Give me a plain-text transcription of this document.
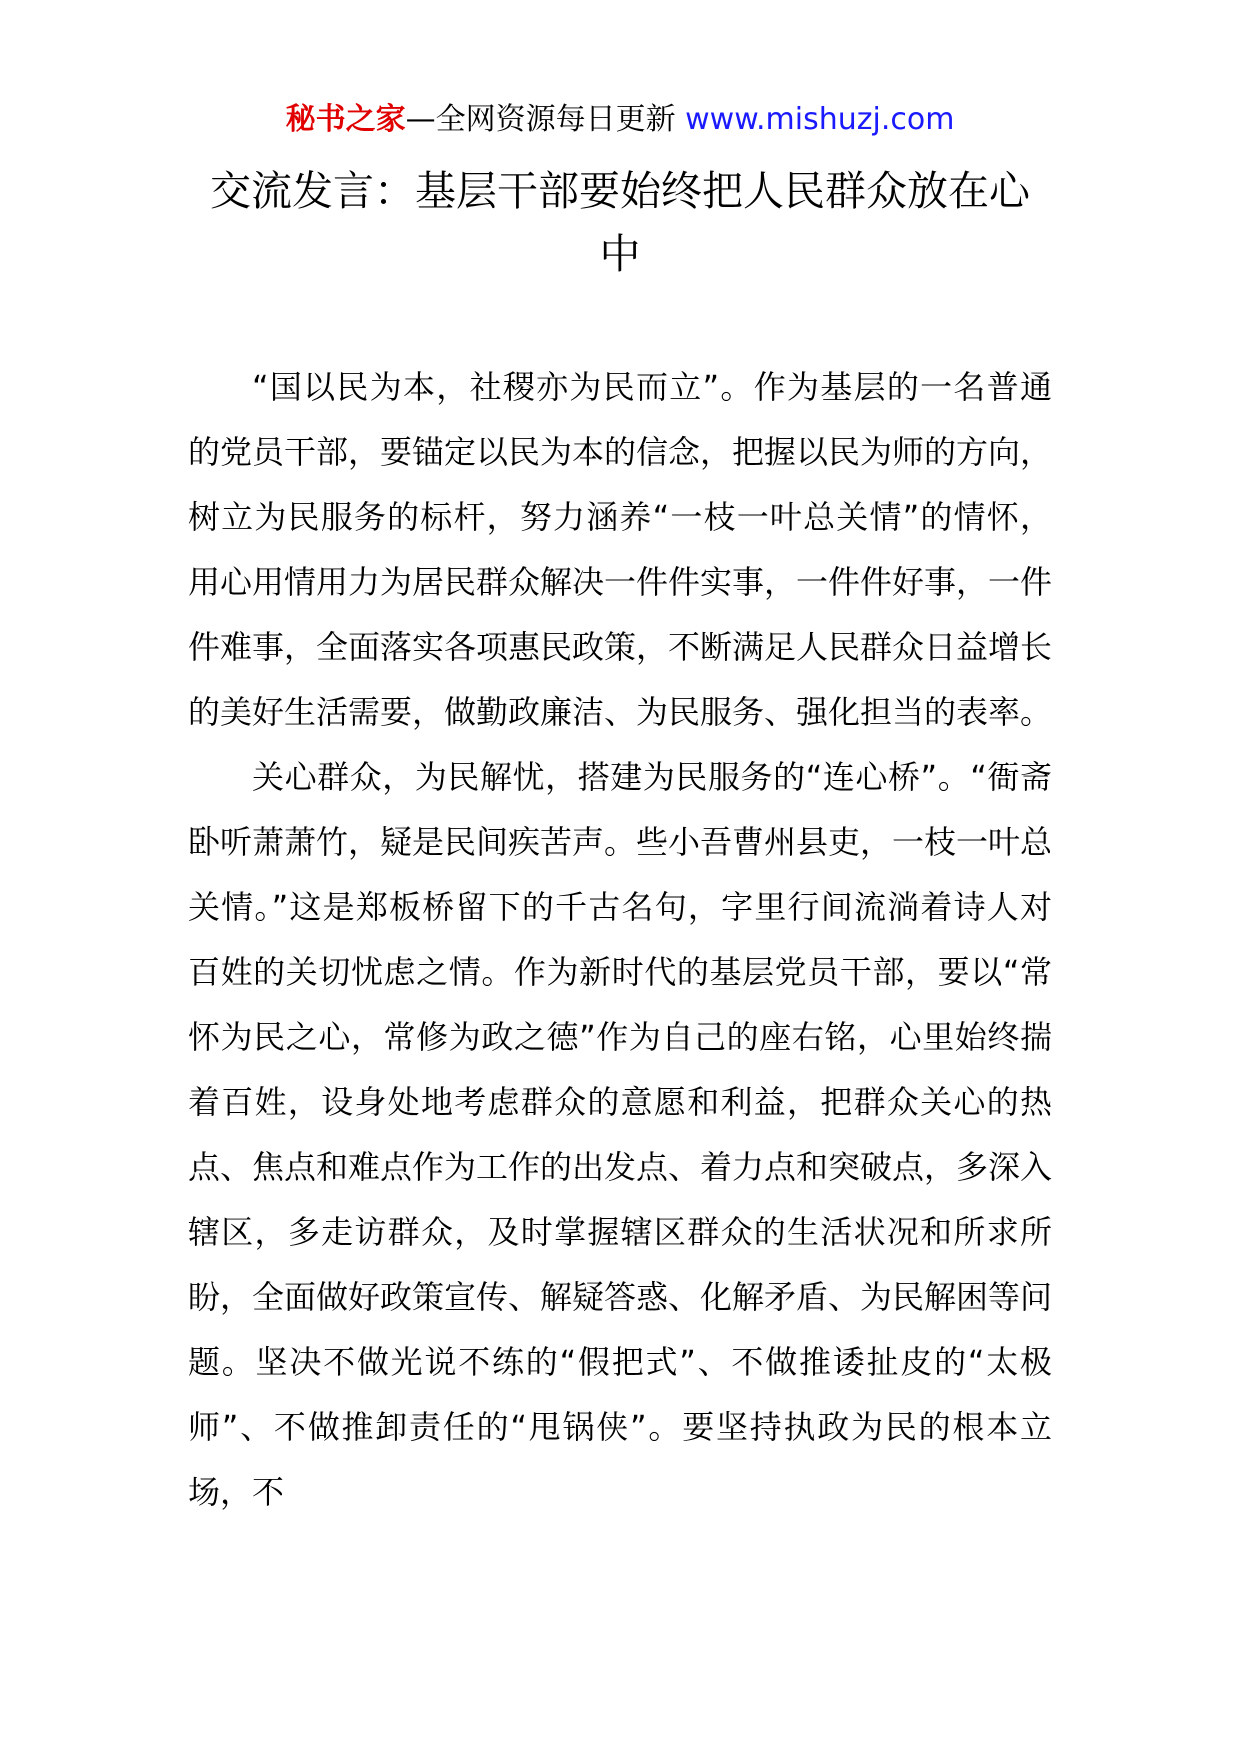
秘书之家—全网资源每日更新 www.mishuzj.com
交流发言：基层干部要始终把人民群众放在心中

“国以民为本，社稷亦为民而立”。作为基层的一名普通的党员干部，要锚定以民为本的信念，把握以民为师的方向，树立为民服务的标杆，努力涵养“一枝一叶总关情”的情怀，用心用情用力为居民群众解决一件件实事，一件件好事，一件件难事，全面落实各项惠民政策，不断满足人民群众日益增长的美好生活需要，做勤政廉洁、为民服务、强化担当的表率。

关心群众，为民解忧，搭建为民服务的“连心桥”。“衙斋卧听萧萧竹，疑是民间疾苦声。些小吾曹州县吏，一枝一叶总关情。”这是郑板桥留下的千古名句，字里行间流淌着诗人对百姓的关切忧虑之情。作为新时代的基层党员干部，要以“常怀为民之心，常修为政之德”作为自己的座右铭，心里始终揣着百姓，设身处地考虑群众的意愿和利益，把群众关心的热点、焦点和难点作为工作的出发点、着力点和突破点，多深入辖区，多走访群众，及时掌握辖区群众的生活状况和所求所盼，全面做好政策宣传、解疑答惑、化解矛盾、为民解困等问题。坚决不做光说不练的“假把式”、不做推诿扯皮的“太极师”、不做推卸责任的“甩锅侠”。要坚持执政为民的根本立场，不
